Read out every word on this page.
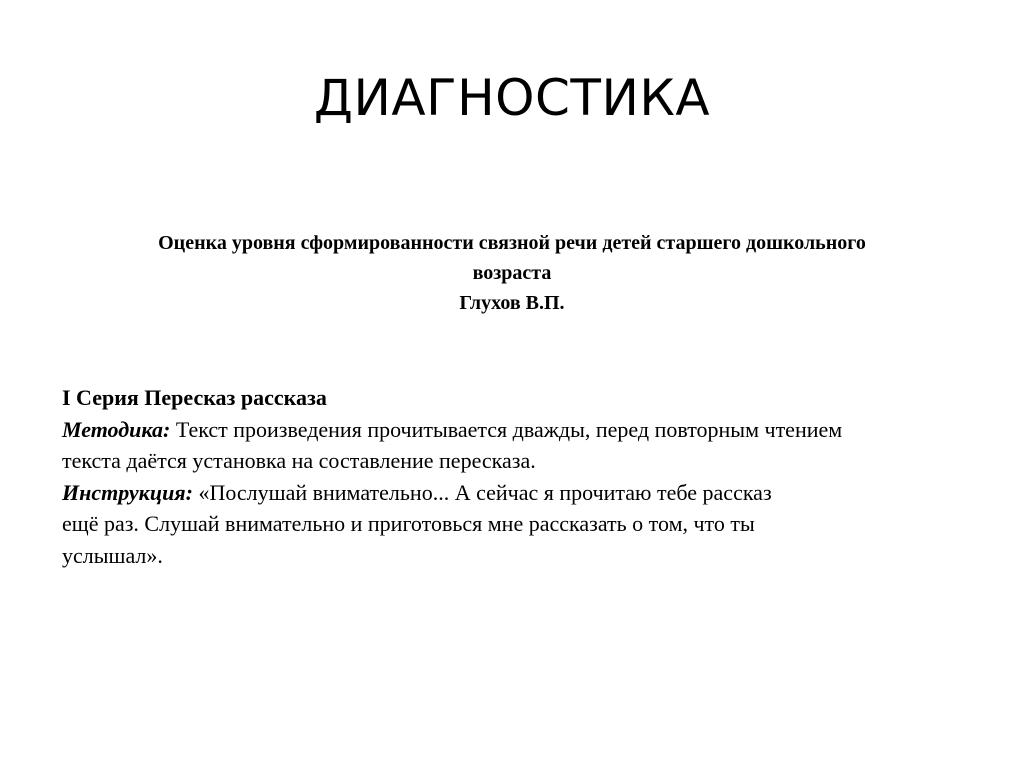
ДИАГНОСТИКА
Оценка уровня сформированности связной речи детей старшего дошкольного
возраста
Глухов В.П.
I Серия Пересказ рассказа
Методика: Текст произведения прочитывается дважды, перед повторным чтением
текста даётся установка на составление пересказа.
Инструкция: «Послушай внимательно... А сейчас я прочитаю тебе рассказ
ещё раз. Слушай внимательно и приготовься мне рассказать о том, что ты
услышал».
